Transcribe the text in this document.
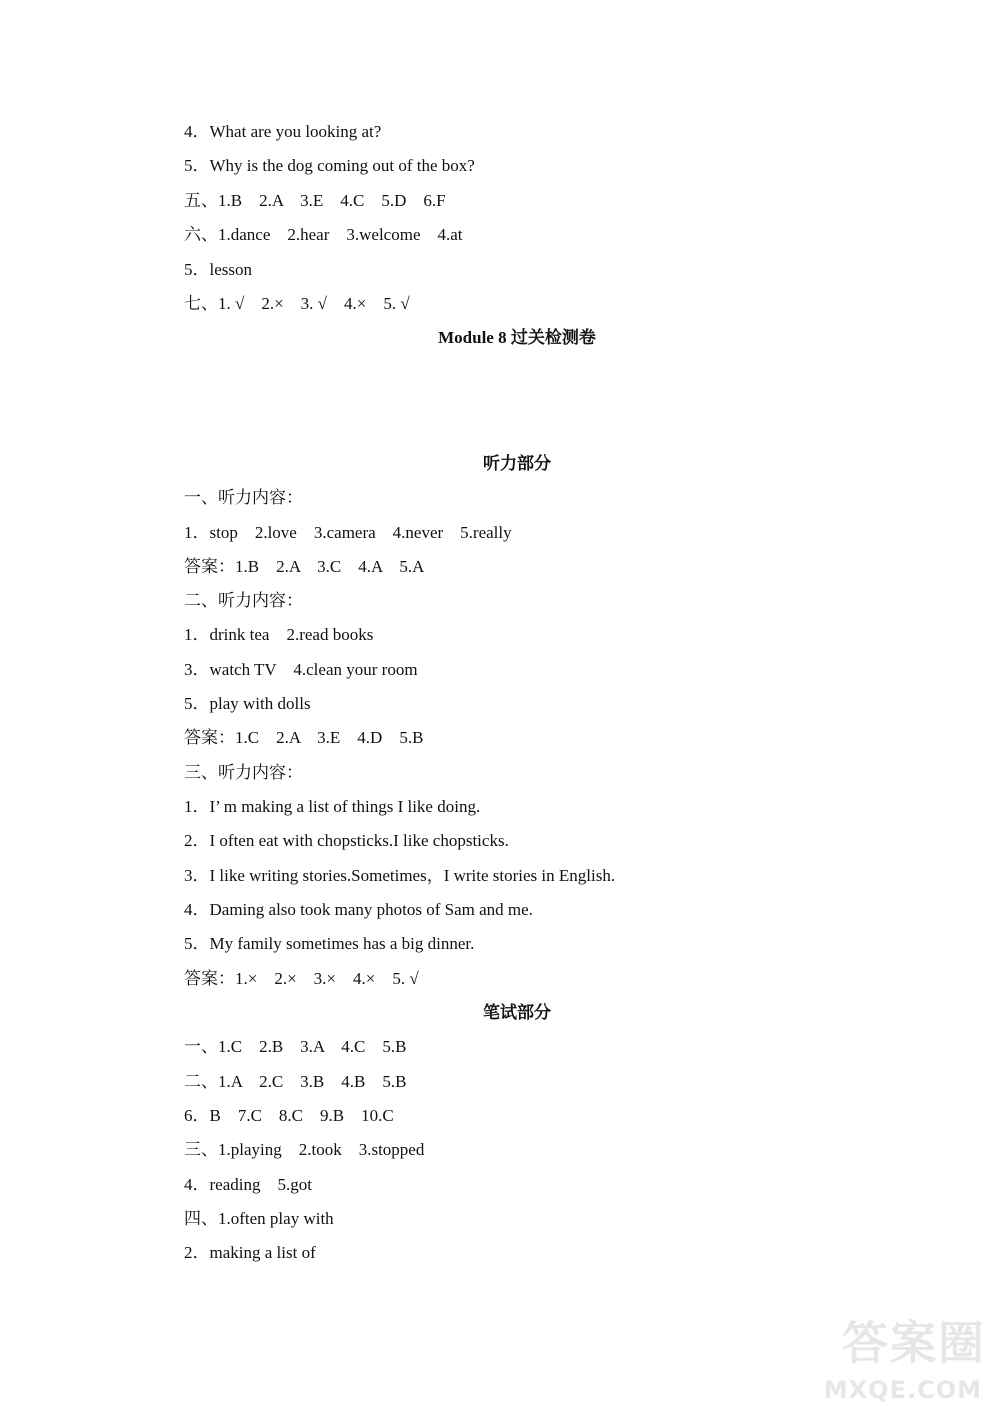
4．What are you looking at?
5．Why is the dog coming out of the box?
五、1.B    2.A    3.E    4.C    5.D    6.F
六、1.dance    2.hear    3.welcome    4.at
5．lesson
七、1. √    2.×    3. √    4.×    5. √
Module 8 过关检测卷
听力部分
一、听力内容：
1．stop    2.love    3.camera    4.never    5.really
答案：1.B    2.A    3.C    4.A    5.A
二、听力内容：
1．drink tea    2.read books
3．watch TV    4.clean your room
5．play with dolls
答案：1.C    2.A    3.E    4.D    5.B
三、听力内容：
1．I’ m making a list of things I like doing.
2．I often eat with chopsticks.I like chopsticks.
3．I like writing stories.Sometimes，I write stories in English.
4．Daming also took many photos of Sam and me.
5．My family sometimes has a big dinner.
答案：1.×    2.×    3.×    4.×    5. √
笔试部分
一、1.C    2.B    3.A    4.C    5.B
二、1.A    2.C    3.B    4.B    5.B
6．B    7.C    8.C    9.B    10.C
三、1.playing    2.took    3.stopped
4．reading    5.got
四、1.often play with
2．making a list of
答案圈
MXQE.COM
